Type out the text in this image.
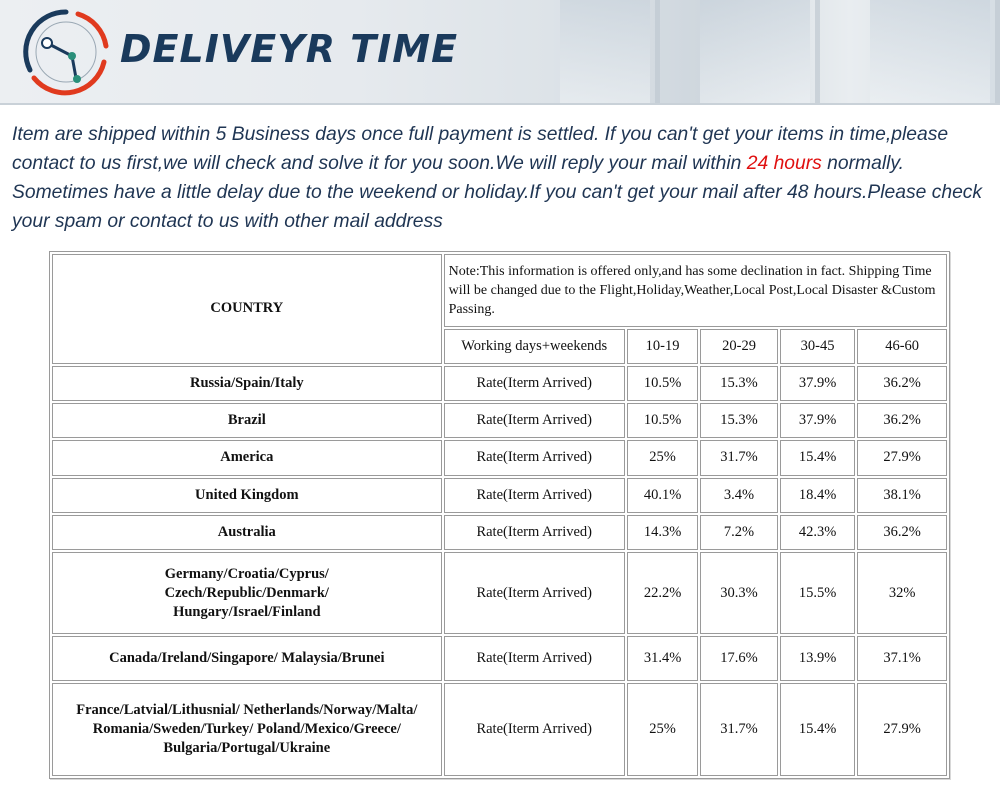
DELIVEYR TIME
Item are shipped within 5 Business days once full payment is settled. If you can't get your items in time,please contact to us first,we will check and solve it for you soon.We will reply your mail within 24 hours normally. Sometimes have a little delay due to the weekend or holiday.If you can't get your mail after 48 hours.Please check your spam or contact to us with other mail address
COUNTRY	Note:This information is offered only,and has some declination in fact. Shipping Time will be changed due to the Flight,Holiday,Weather,Local Post,Local Disaster &Custom Passing.				
	Working days+weekends	10-19	20-29	30-45	46-60
Russia/Spain/Italy	Rate(Iterm Arrived)	10.5%	15.3%	37.9%	36.2%
Brazil	Rate(Iterm Arrived)	10.5%	15.3%	37.9%	36.2%
America	Rate(Iterm Arrived)	25%	31.7%	15.4%	27.9%
United Kingdom	Rate(Iterm Arrived)	40.1%	3.4%	18.4%	38.1%
Australia	Rate(Iterm Arrived)	14.3%	7.2%	42.3%	36.2%
Germany/Croatia/Cyprus/ Czech/Republic/Denmark/ Hungary/Israel/Finland	Rate(Iterm Arrived)	22.2%	30.3%	15.5%	32%
Canada/Ireland/Singapore/ Malaysia/Brunei	Rate(Iterm Arrived)	31.4%	17.6%	13.9%	37.1%
France/Latvial/Lithusnial/ Netherlands/Norway/Malta/ Romania/Sweden/Turkey/ Poland/Mexico/Greece/ Bulgaria/Portugal/Ukraine	Rate(Iterm Arrived)	25%	31.7%	15.4%	27.9%
